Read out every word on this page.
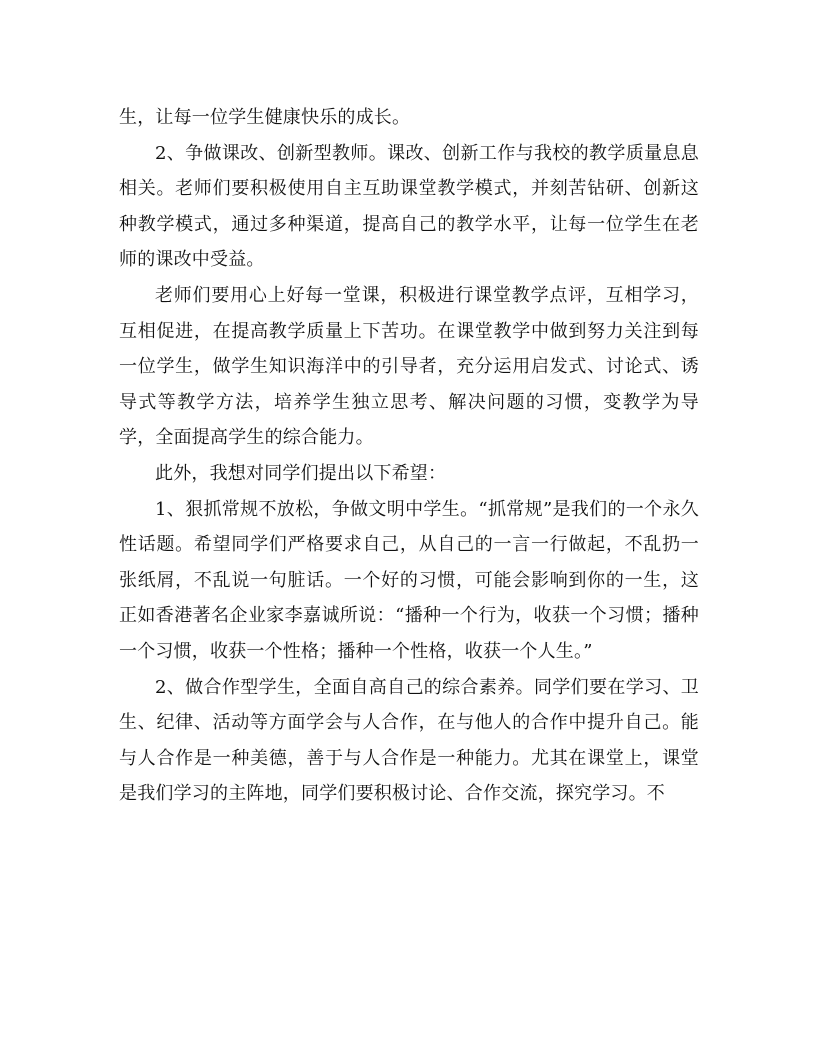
生，让每一位学生健康快乐的成长。

2、争做课改、创新型教师。课改、创新工作与我校的教学质量息息相关。老师们要积极使用自主互助课堂教学模式，并刻苦钻研、创新这种教学模式，通过多种渠道，提高自己的教学水平，让每一位学生在老师的课改中受益。

老师们要用心上好每一堂课，积极进行课堂教学点评，互相学习，互相促进，在提高教学质量上下苦功。在课堂教学中做到努力关注到每一位学生，做学生知识海洋中的引导者，充分运用启发式、讨论式、诱导式等教学方法，培养学生独立思考、解决问题的习惯，变教学为导学，全面提高学生的综合能力。

此外，我想对同学们提出以下希望：

1、狠抓常规不放松，争做文明中学生。“抓常规”是我们的一个永久性话题。希望同学们严格要求自己，从自己的一言一行做起，不乱扔一张纸屑，不乱说一句脏话。一个好的习惯，可能会影响到你的一生，这正如香港著名企业家李嘉诚所说：“播种一个行为，收获一个习惯；播种一个习惯，收获一个性格；播种一个性格，收获一个人生。”

2、做合作型学生，全面自高自己的综合素养。同学们要在学习、卫生、纪律、活动等方面学会与人合作，在与他人的合作中提升自己。能与人合作是一种美德，善于与人合作是一种能力。尤其在课堂上，课堂是我们学习的主阵地，同学们要积极讨论、合作交流，探究学习。不
